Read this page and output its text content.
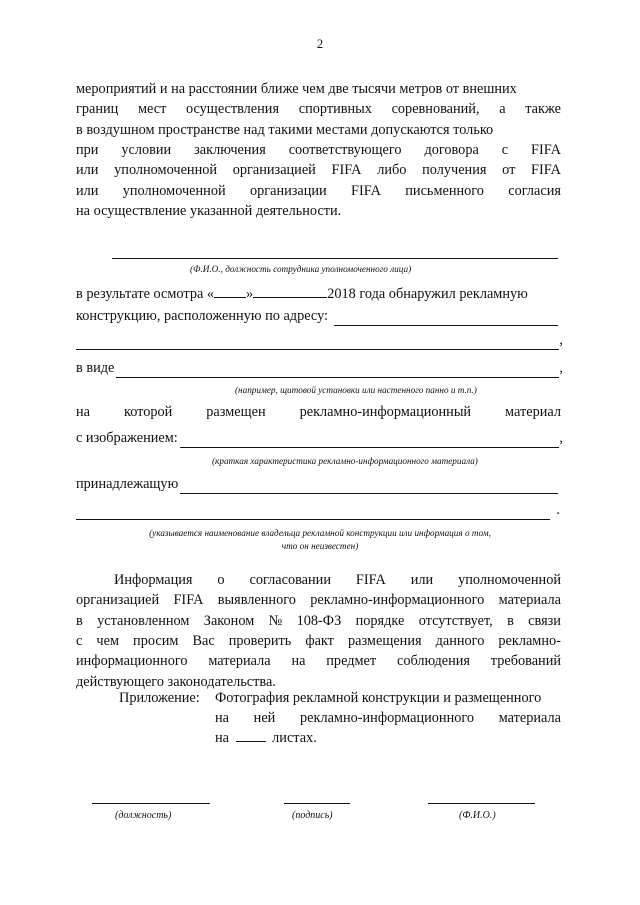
2
мероприятий и на расстоянии ближе чем две тысячи метров от внешних
границ мест осуществления спортивных соревнований, а также
в воздушном пространстве над такими местами допускаются только
при условии заключения соответствующего договора с FIFA
или уполномоченной организацией FIFA либо получения от FIFA
или уполномоченной организации FIFA письменного согласия
на осуществление указанной деятельности.
(Ф.И.О., должность сотрудника уполномоченного лица)
в результате осмотра « »	2018 года обнаружил рекламную
конструкцию, расположенную по адресу:
,
в виде	,
(например, щитовой установки или настенного панно и т.п.)
на которой размещен рекламно-информационный материал
с изображением:	,
(краткая характеристика рекламно-информационного материала)
принадлежащую
.
(указывается наименование владельца рекламной конструкции или информация о том,
что он неизвестен)
Информация о согласовании FIFA или уполномоченной
организацией FIFA выявленного рекламно-информационного материала
в установленном Законом № 108-ФЗ порядке отсутствует, в связи
с чем просим Вас проверить факт размещения данного рекламно-
информационного материала на предмет соблюдения требований
действующего законодательства.
Приложение: Фотография рекламной конструкции и размещенного
на ней рекламно-информационного материала
на	листах.
(должность)	(подпись)	(Ф.И.О.)
